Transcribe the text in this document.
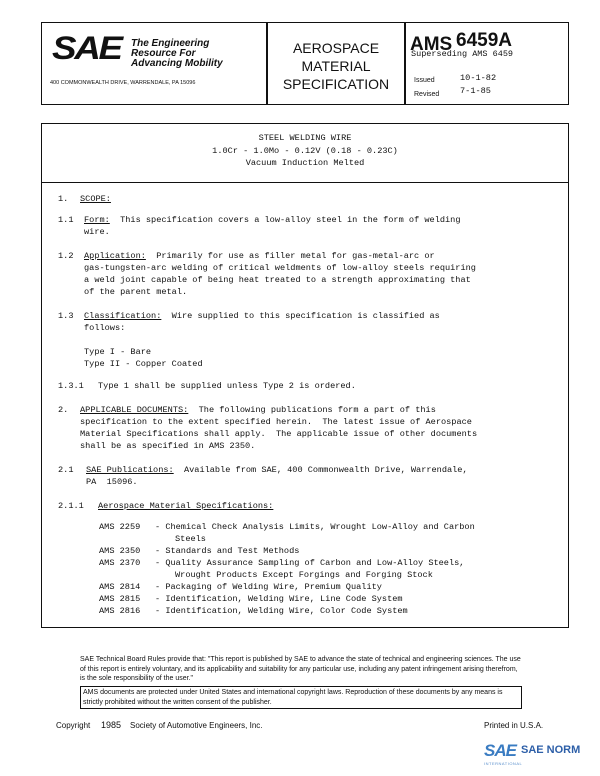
SAE The Engineering
Resource For
Advancing Mobility
400 COMMONWEALTH DRIVE, WARRENDALE, PA 15096
AEROSPACE
MATERIAL
SPECIFICATION
AMS 6459A
Superseding AMS 6459
Issued	10-1-82
Revised 7-1-85
STEEL WELDING WIRE
1.0Cr - 1.0Mo - 0.12V (0.18 - 0.23C)
Vacuum Induction Melted
1. SCOPE:
1.1 Form:  This specification covers a low-alloy steel in the form of welding
wire.
1.2 Application:  Primarily for use as filler metal for gas-metal-arc or
gas-tungsten-arc welding of critical weldments of low-alloy steels requiring
a weld joint capable of being heat treated to a strength approximating that
of the parent metal.
1.3 Classification:  Wire supplied to this specification is classified as
follows:
Type I - Bare
Type II - Copper Coated
1.3.1 Type 1 shall be supplied unless Type 2 is ordered.
2. APPLICABLE DOCUMENTS:  The following publications form a part of this
specification to the extent specified herein.  The latest issue of Aerospace
Material Specifications shall apply.  The applicable issue of other documents
shall be as specified in AMS 2350.
2.1 SAE Publications:  Available from SAE, 400 Commonwealth Drive, Warrendale,
PA  15096.
2.1.1 Aerospace Material Specifications:
AMS 2259 - Chemical Check Analysis Limits, Wrought Low-Alloy and Carbon
Steels
AMS 2350 - Standards and Test Methods
AMS 2370 - Quality Assurance Sampling of Carbon and Low-Alloy Steels,
Wrought Products Except Forgings and Forging Stock
AMS 2814 - Packaging of Welding Wire, Premium Quality
AMS 2815 - Identification, Welding Wire, Line Code System
AMS 2816 - Identification, Welding Wire, Color Code System
SAE Technical Board Rules provide that: "This report is published by SAE to advance the state of technical and engineering sciences. The use of this report is entirely voluntary, and its applicability and suitability for any particular use, including any patent infringement arising therefrom, is the sole responsibility of the user."
AMS documents are protected under United States and international copyright laws. Reproduction of these documents by any means is strictly prohibited without the written consent of the publisher.
Copyright 1985 Society of Automotive Engineers, Inc.	Printed in U.S.A.
SAE SAE NORM
INTERNATIONAL
